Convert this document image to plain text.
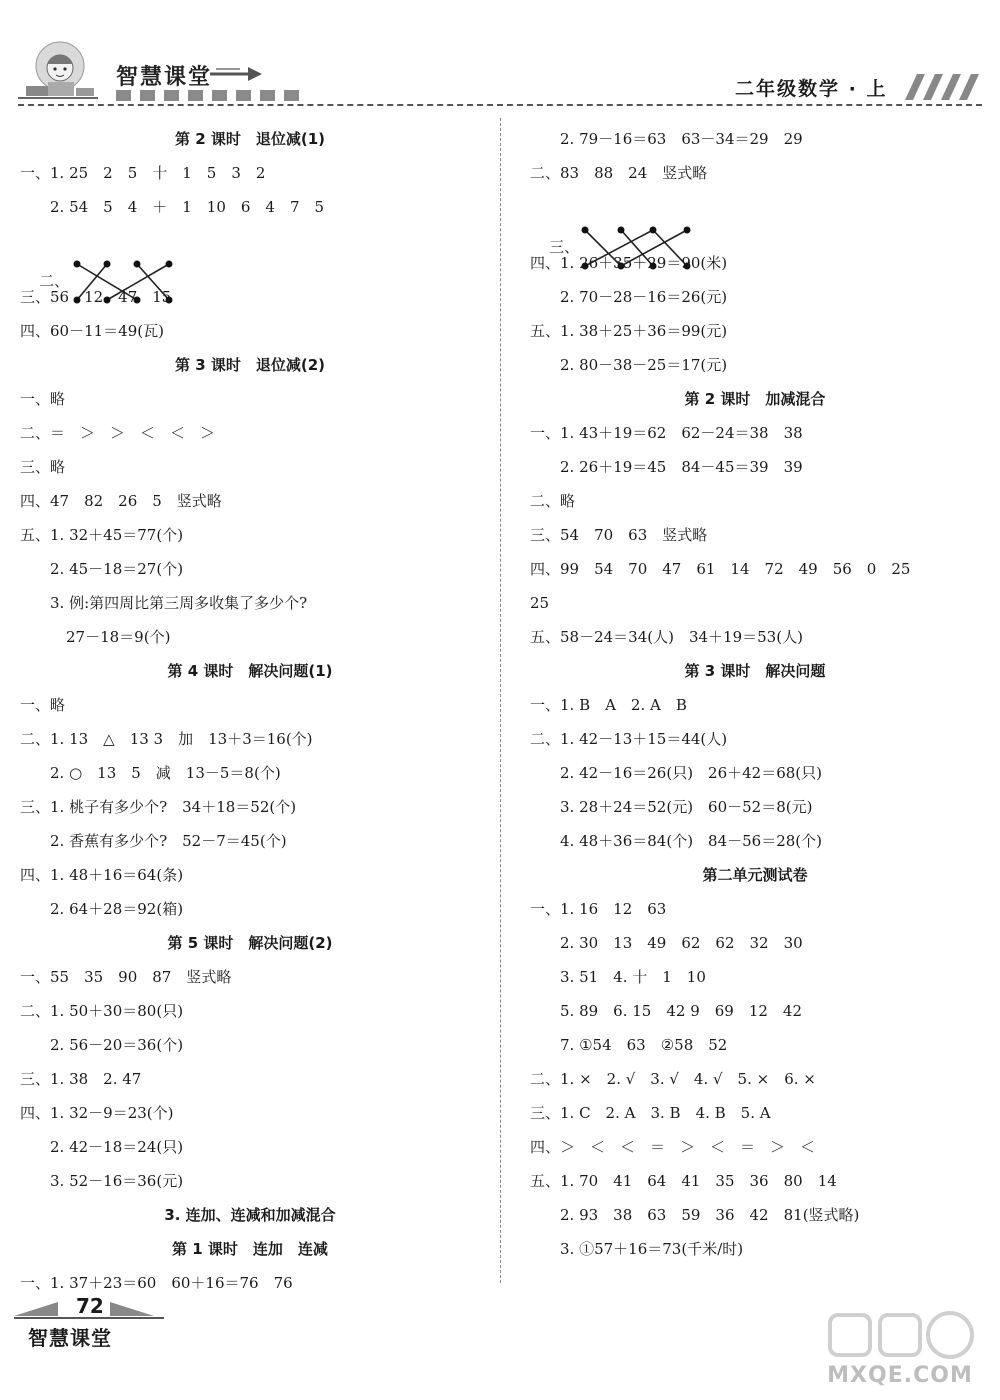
智慧课堂	二年级数学 · 上
第 2 课时　退位减(1)
一、1. 25　2　5　十　1　5　3　2
2. 54　5　4　＋　1　10　6　4　7　5

二、

三、56　12　47　15
四、60－11＝49(瓦)
第 3 课时　退位减(2)
一、略
二、＝　＞　＞　＜　＜　＞
三、略
四、47　82　26　5　竖式略
五、1. 32＋45＝77(个)
2. 45－18＝27(个)
3. 例:第四周比第三周多收集了多少个?
27－18＝9(个)
第 4 课时　解决问题(1)
一、略
二、1. 13　△　13 3　加　13＋3＝16(个)
2. ○　13　5　减　13－5＝8(个)
三、1. 桃子有多少个?　34＋18＝52(个)
2. 香蕉有多少个?　52－7＝45(个)
四、1. 48＋16＝64(条)
2. 64＋28＝92(箱)
第 5 课时　解决问题(2)
一、55　35　90　87　竖式略
二、1. 50＋30＝80(只)
2. 56－20＝36(个)
三、1. 38　2. 47
四、1. 32－9＝23(个)
2. 42－18＝24(只)
3. 52－16＝36(元)
3. 连加、连减和加减混合
第 1 课时　连加　连减
一、1. 37＋23＝60　60＋16＝76　76
2. 79－16＝63　63－34＝29　29
二、83　88　24　竖式略

三、

四、1. 26＋35＋29＝90(米)
2. 70－28－16＝26(元)
五、1. 38＋25＋36＝99(元)
2. 80－38－25＝17(元)
第 2 课时　加减混合
一、1. 43＋19＝62　62－24＝38　38
2. 26＋19＝45　84－45＝39　39
二、略
三、54　70　63　竖式略
四、99　54　70　47　61　14　72　49　56　0　25
25
五、58－24＝34(人)　34＋19＝53(人)
第 3 课时　解决问题
一、1. B　A　2. A　B
二、1. 42－13＋15＝44(人)
2. 42－16＝26(只)　26＋42＝68(只)
3. 28＋24＝52(元)　60－52＝8(元)
4. 48＋36＝84(个)　84－56＝28(个)
第二单元测试卷
一、1. 16　12　63
2. 30　13　49　62　62　32　30
3. 51　4. 十　1　10
5. 89　6. 15　42 9　69　12　42
7. ①54　63　②58　52
二、1. ×　2. √　3. √　4. √　5. ×　6. ×
三、1. C　2. A　3. B　4. B　5. A
四、＞　＜　＜　＝　＞　＜　＝　＞　＜
五、1. 70　41　64　41　35　36　80　14
2. 93　38　63　59　36　42　81(竖式略)
3. ①57＋16＝73(千米/时)
72
智慧课堂
MXQE.COM
